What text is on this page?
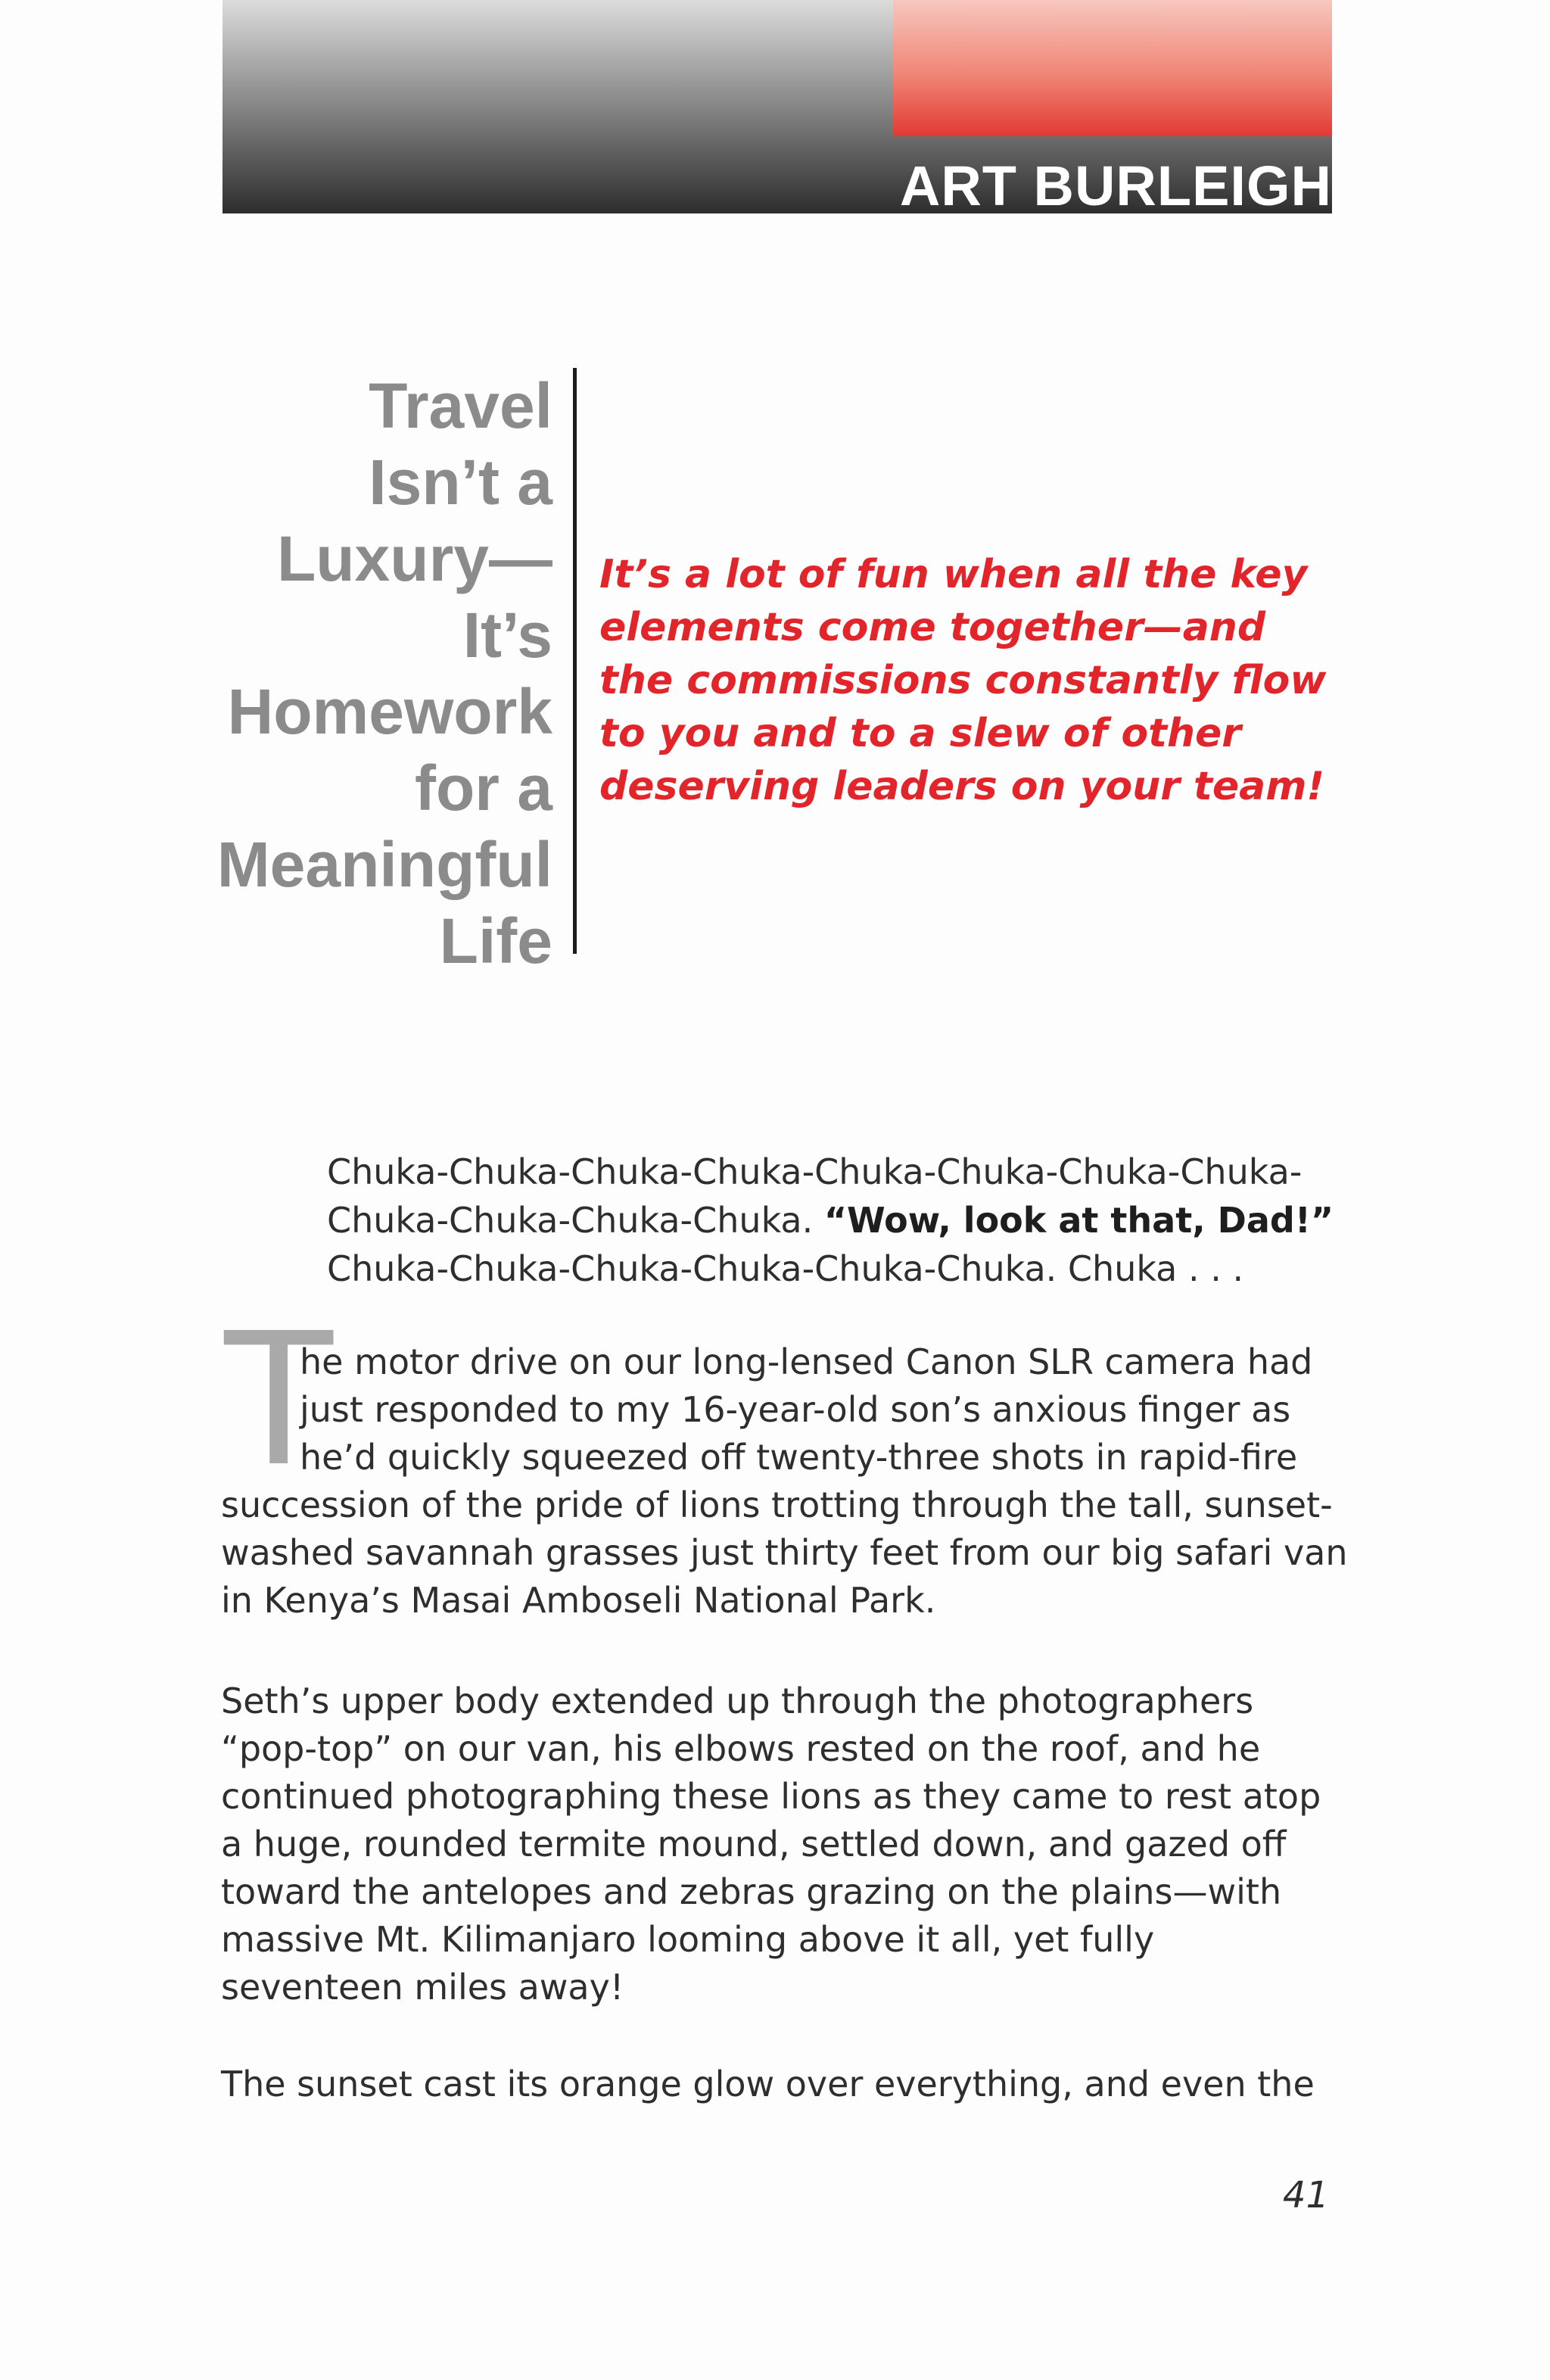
ART BURLEIGH
Travel
Isn’t a
Luxury—
It’s
Homework
for a
Meaningful
Life
It’s a lot of fun when all the key
elements come together—and
the commissions constantly flow
to you and to a slew of other
deserving leaders on your team!
Chuka-Chuka-Chuka-Chuka-Chuka-Chuka-Chuka-Chuka-
Chuka-Chuka-Chuka-Chuka. “Wow, look at that, Dad!”
Chuka-Chuka-Chuka-Chuka-Chuka-Chuka. Chuka . . .
T
he motor drive on our long-lensed Canon SLR camera had
just responded to my 16-year-old son’s anxious finger as
he’d quickly squeezed off twenty-three shots in rapid-fire
succession of the pride of lions trotting through the tall, sunset-
washed savannah grasses just thirty feet from our big safari van
in Kenya’s Masai Amboseli National Park.
Seth’s upper body extended up through the photographers
“pop-top” on our van, his elbows rested on the roof, and he
continued photographing these lions as they came to rest atop
a huge, rounded termite mound, settled down, and gazed off
toward the antelopes and zebras grazing on the plains—with
massive Mt. Kilimanjaro looming above it all, yet fully
seventeen miles away!
The sunset cast its orange glow over everything, and even the
41
